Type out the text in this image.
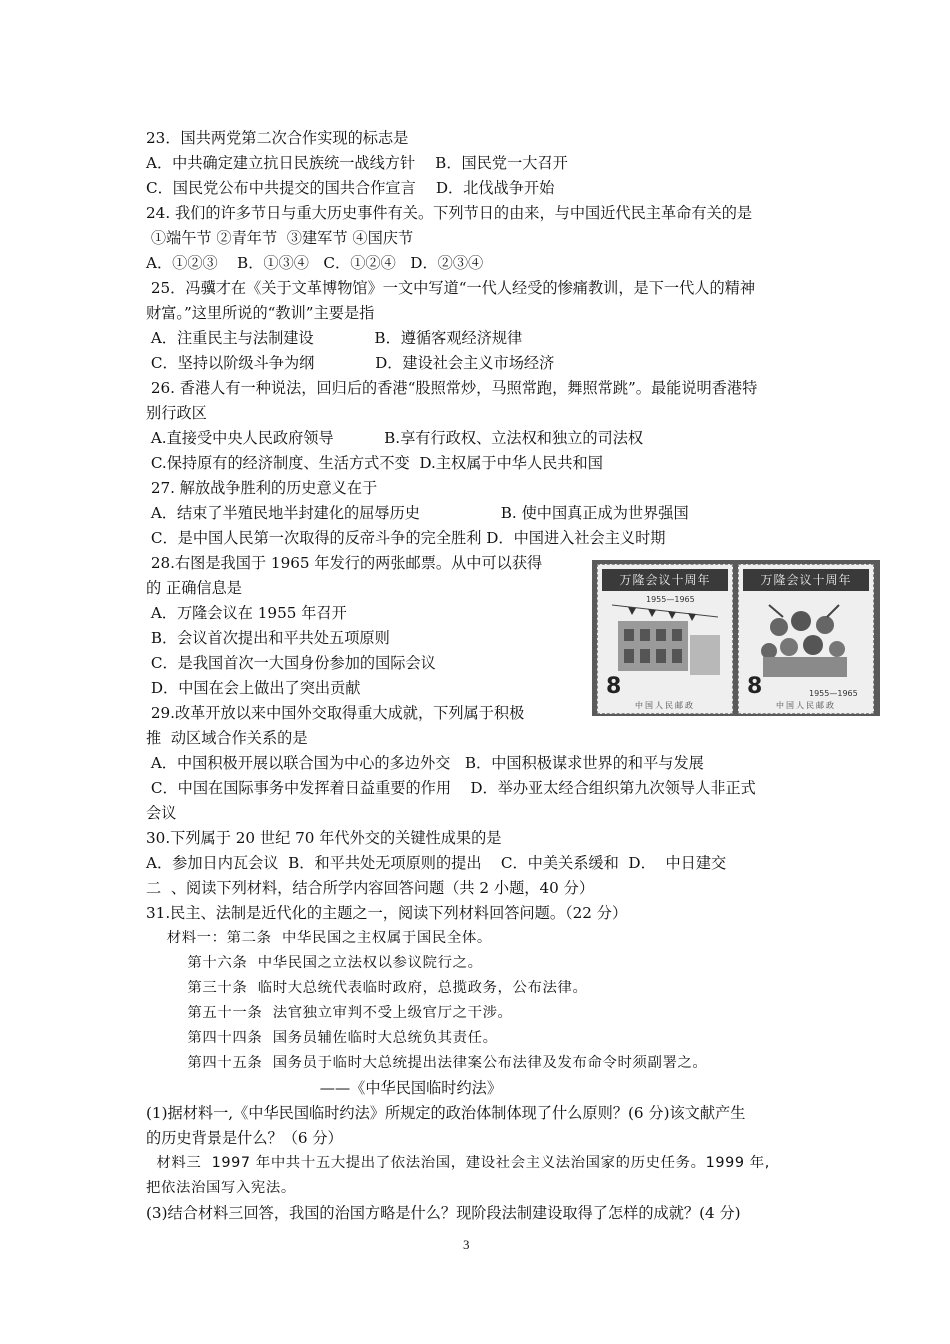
23．国共两党第二次合作实现的标志是
A．中共确定建立抗日民族统一战线方针　 B．国民党一大召开
C．国民党公布中共提交的国共合作宣言　 D．北伐战争开始
24. 我们的许多节日与重大历史事件有关。下列节日的由来，与中国近代民主革命有关的是
①端午节 ②青年节  ③建军节 ④国庆节
A．①②③    B．①③④   C．①②④   D．②③④
25．冯骥才在《关于文革博物馆》一文中写道“一代人经受的惨痛教训，是下一代人的精神
财富。”这里所说的“教训”主要是指
A．注重民主与法制建设　　　　B．遵循客观经济规律
C．坚持以阶级斗争为纲　　　　D．建设社会主义市场经济
26. 香港人有一种说法，回归后的香港“股照常炒，马照常跑，舞照常跳”。最能说明香港特
别行政区
A.直接受中央人民政府领导　　　 B.享有行政权、立法权和独立的司法权
C.保持原有的经济制度、生活方式不变  D.主权属于中华人民共和国
27. 解放战争胜利的历史意义在于
A．结束了半殖民地半封建化的屈辱历史　　　　　 B. 使中国真正成为世界强国
C．是中国人民第一次取得的反帝斗争的完全胜利 D．中国进入社会主义时期
28.右图是我国于 1965 年发行的两张邮票。从中可以获得
的 正确信息是
A．万隆会议在 1955 年召开
B．会议首次提出和平共处五项原则
C．是我国首次一大国身份参加的国际会议
D．中国在会上做出了突出贡献
29.改革开放以来中国外交取得重大成就，下列属于积极
推  动区域合作关系的是
A．中国积极开展以联合国为中心的多边外交   B．中国积极谋求世界的和平与发展
C．中国在国际事务中发挥着日益重要的作用    D．举办亚太经合组织第九次领导人非正式
会议
30.下列属于 20 世纪 70 年代外交的关键性成果的是
A．参加日内瓦会议  B．和平共处无项原则的提出    C．中美关系缓和  D．  中日建交
二  、阅读下列材料，结合所学内容回答问题（共 2 小题，40 分）
31.民主、法制是近代化的主题之一，阅读下列材料回答问题。（22 分）
材料一：第二条  中华民国之主权属于国民全体。
第十六条  中华民国之立法权以参议院行之。
第三十条  临时大总统代表临时政府，总揽政务，公布法律。
第五十一条  法官独立审判不受上级官厅之干涉。
第四十四条  国务员辅佐临时大总统负其责任。
第四十五条  国务员于临时大总统提出法律案公布法律及发布命令时须副署之。
——《中华民国临时约法》
(1)据材料一,《中华民国临时约法》所规定的政治体制体现了什么原则？(6 分)该文献产生
的历史背景是什么？（6 分）
材料三  1997 年中共十五大提出了依法治国，建设社会主义法治国家的历史任务。1999 年,
把依法治国写入宪法。
(3)结合材料三回答，我国的治国方略是什么？现阶段法制建设取得了怎样的成就？(4 分)
万隆会议十周年
1955—1965
8
中国人民邮政
万隆会议十周年
1955—1965
8
中国人民邮政
3
